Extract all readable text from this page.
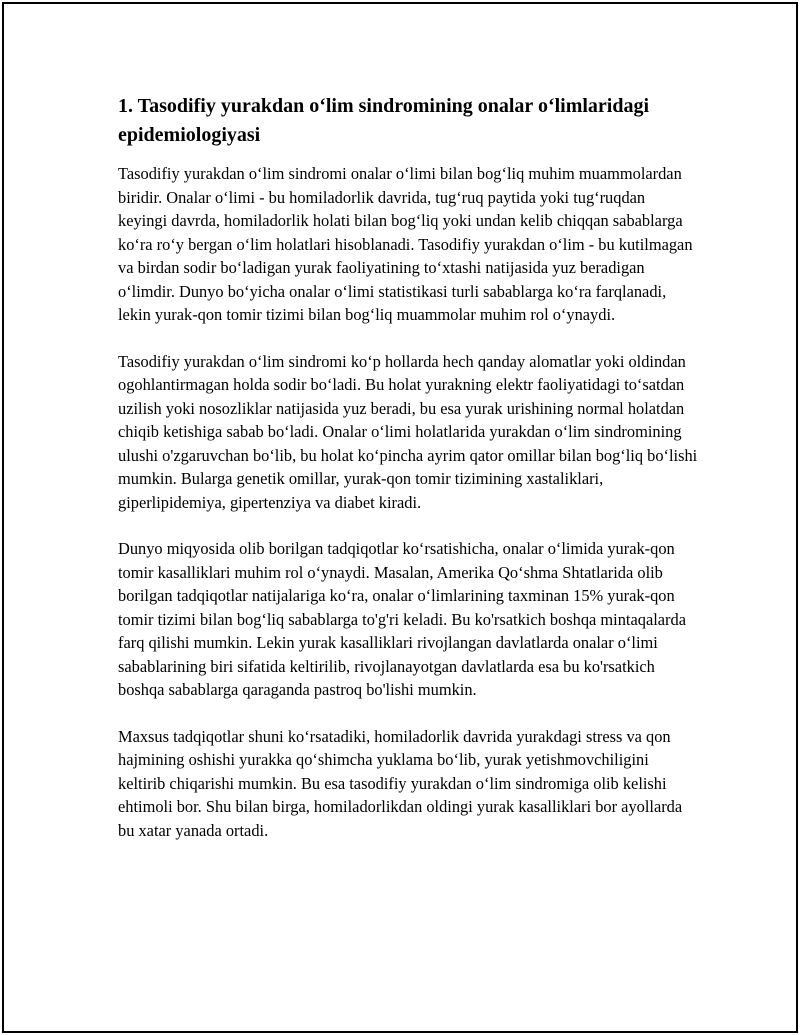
1. Tasodifiy yurakdan o‘lim sindromining onalar o‘limlaridagi epidemiologiyasi

Tasodifiy yurakdan o‘lim sindromi onalar o‘limi bilan bog‘liq muhim muammolardan biridir. Onalar o‘limi - bu homiladorlik davrida, tug‘ruq paytida yoki tug‘ruqdan keyingi davrda, homiladorlik holati bilan bog‘liq yoki undan kelib chiqqan sabablarga ko‘ra ro‘y bergan o‘lim holatlari hisoblanadi. Tasodifiy yurakdan o‘lim - bu kutilmagan va birdan sodir bo‘ladigan yurak faoliyatining to‘xtashi natijasida yuz beradigan o‘limdir. Dunyo bo‘yicha onalar o‘limi statistikasi turli sabablarga ko‘ra farqlanadi, lekin yurak-qon tomir tizimi bilan bog‘liq muammolar muhim rol o‘ynaydi.

Tasodifiy yurakdan o‘lim sindromi ko‘p hollarda hech qanday alomatlar yoki oldindan ogohlantirmagan holda sodir bo‘ladi. Bu holat yurakning elektr faoliyatidagi to‘satdan uzilish yoki nosozliklar natijasida yuz beradi, bu esa yurak urishining normal holatdan chiqib ketishiga sabab bo‘ladi. Onalar o‘limi holatlarida yurakdan o‘lim sindromining ulushi o'zgaruvchan bo‘lib, bu holat ko‘pincha ayrim qator omillar bilan bog‘liq bo‘lishi mumkin. Bularga genetik omillar, yurak-qon tomir tizimining xastaliklari, giperlipidemiya, gipertenziya va diabet kiradi.

Dunyo miqyosida olib borilgan tadqiqotlar ko‘rsatishicha, onalar o‘limida yurak-qon tomir kasalliklari muhim rol o‘ynaydi. Masalan, Amerika Qo‘shma Shtatlarida olib borilgan tadqiqotlar natijalariga ko‘ra, onalar o‘limlarining taxminan 15% yurak-qon tomir tizimi bilan bog‘liq sabablarga to'g'ri keladi. Bu ko'rsatkich boshqa mintaqalarda farq qilishi mumkin. Lekin yurak kasalliklari rivojlangan davlatlarda onalar o‘limi sabablarining biri sifatida keltirilib, rivojlanayotgan davlatlarda esa bu ko'rsatkich boshqa sabablarga qaraganda pastroq bo'lishi mumkin.

Maxsus tadqiqotlar shuni ko‘rsatadiki, homiladorlik davrida yurakdagi stress va qon hajmining oshishi yurakka qo‘shimcha yuklama bo‘lib, yurak yetishmovchiligini keltirib chiqarishi mumkin. Bu esa tasodifiy yurakdan o‘lim sindromiga olib kelishi ehtimoli bor. Shu bilan birga, homiladorlikdan oldingi yurak kasalliklari bor ayollarda bu xatar yanada ortadi.
